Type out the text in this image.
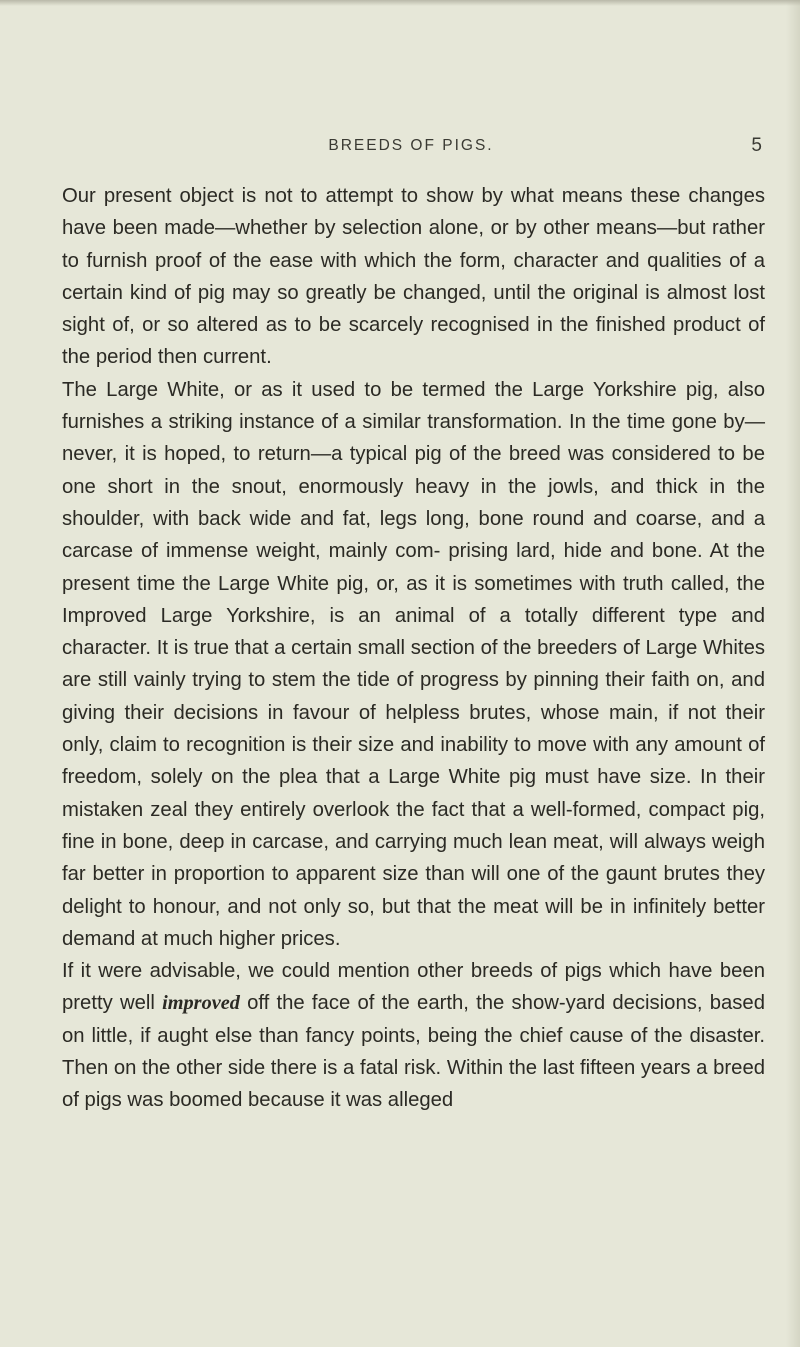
BREEDS OF PIGS.	5

Our present object is not to attempt to show by what means these changes have been made—whether by selection alone, or by other means—but rather to furnish proof of the ease with which the form, character and qualities of a certain kind of pig may so greatly be changed, until the original is almost lost sight of, or so altered as to be scarcely recognised in the finished product of the period then current.

The Large White, or as it used to be termed the Large Yorkshire pig, also furnishes a striking instance of a similar transformation. In the time gone by—never, it is hoped, to return—a typical pig of the breed was considered to be one short in the snout, enormously heavy in the jowls, and thick in the shoulder, with back wide and fat, legs long, bone round and coarse, and a carcase of immense weight, mainly com- prising lard, hide and bone. At the present time the Large White pig, or, as it is sometimes with truth called, the Improved Large Yorkshire, is an animal of a totally different type and character. It is true that a certain small section of the breeders of Large Whites are still vainly trying to stem the tide of progress by pinning their faith on, and giving their decisions in favour of helpless brutes, whose main, if not their only, claim to recognition is their size and inability to move with any amount of freedom, solely on the plea that a Large White pig must have size. In their mistaken zeal they entirely overlook the fact that a well-formed, compact pig, fine in bone, deep in carcase, and carrying much lean meat, will always weigh far better in proportion to apparent size than will one of the gaunt brutes they delight to honour, and not only so, but that the meat will be in infinitely better demand at much higher prices.

If it were advisable, we could mention other breeds of pigs which have been pretty well improved off the face of the earth, the show-yard decisions, based on little, if aught else than fancy points, being the chief cause of the disaster. Then on the other side there is a fatal risk. Within the last fifteen years a breed of pigs was boomed because it was alleged
